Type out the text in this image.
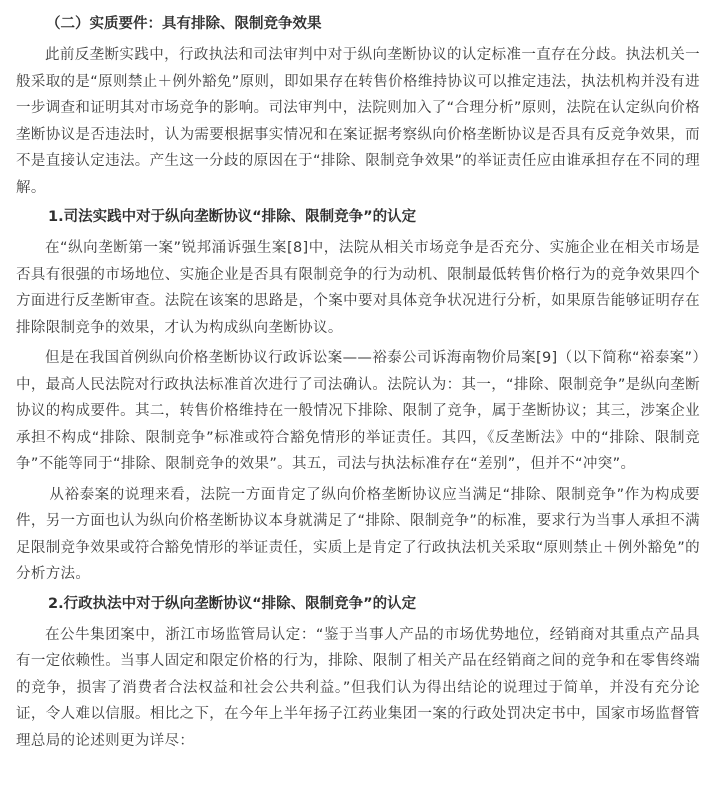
（二）实质要件：具有排除、限制竞争效果

此前反垄断实践中，行政执法和司法审判中对于纵向垄断协议的认定标准一直存在分歧。执法机关一般采取的是“原则禁止＋例外豁免”原则，即如果存在转售价格维持协议可以推定违法，执法机构并没有进一步调查和证明其对市场竞争的影响。司法审判中，法院则加入了“合理分析”原则，法院在认定纵向价格垄断协议是否违法时，认为需要根据事实情况和在案证据考察纵向价格垄断协议是否具有反竞争效果，而不是直接认定违法。产生这一分歧的原因在于“排除、限制竞争效果”的举证责任应由谁承担存在不同的理解。

1.司法实践中对于纵向垄断协议“排除、限制竞争”的认定

在“纵向垄断第一案”锐邦涌诉强生案[8]中，法院从相关市场竞争是否充分、实施企业在相关市场是否具有很强的市场地位、实施企业是否具有限制竞争的行为动机、限制最低转售价格行为的竞争效果四个方面进行反垄断审查。法院在该案的思路是，个案中要对具体竞争状况进行分析，如果原告能够证明存在排除限制竞争的效果，才认为构成纵向垄断协议。

但是在我国首例纵向价格垄断协议行政诉讼案——裕泰公司诉海南物价局案[9]（以下简称“裕泰案”）中，最高人民法院对行政执法标准首次进行了司法确认。法院认为：其一，“排除、限制竞争”是纵向垄断协议的构成要件。其二，转售价格维持在一般情况下排除、限制了竞争，属于垄断协议；其三，涉案企业承担不构成“排除、限制竞争”标准或符合豁免情形的举证责任。其四，《反垄断法》中的“排除、限制竞争”不能等同于“排除、限制竞争的效果”。其五，司法与执法标准存在“差别”，但并不“冲突”。

从裕泰案的说理来看，法院一方面肯定了纵向价格垄断协议应当满足“排除、限制竞争”作为构成要件，另一方面也认为纵向价格垄断协议本身就满足了“排除、限制竞争”的标准，要求行为当事人承担不满足限制竞争效果或符合豁免情形的举证责任，实质上是肯定了行政执法机关采取“原则禁止＋例外豁免”的分析方法。

2.行政执法中对于纵向垄断协议“排除、限制竞争”的认定

在公牛集团案中，浙江市场监管局认定：“鉴于当事人产品的市场优势地位，经销商对其重点产品具有一定依赖性。当事人固定和限定价格的行为，排除、限制了相关产品在经销商之间的竞争和在零售终端的竞争，损害了消费者合法权益和社会公共利益。”但我们认为得出结论的说理过于简单，并没有充分论证，令人难以信服。相比之下，在今年上半年扬子江药业集团一案的行政处罚决定书中，国家市场监督管理总局的论述则更为详尽：
